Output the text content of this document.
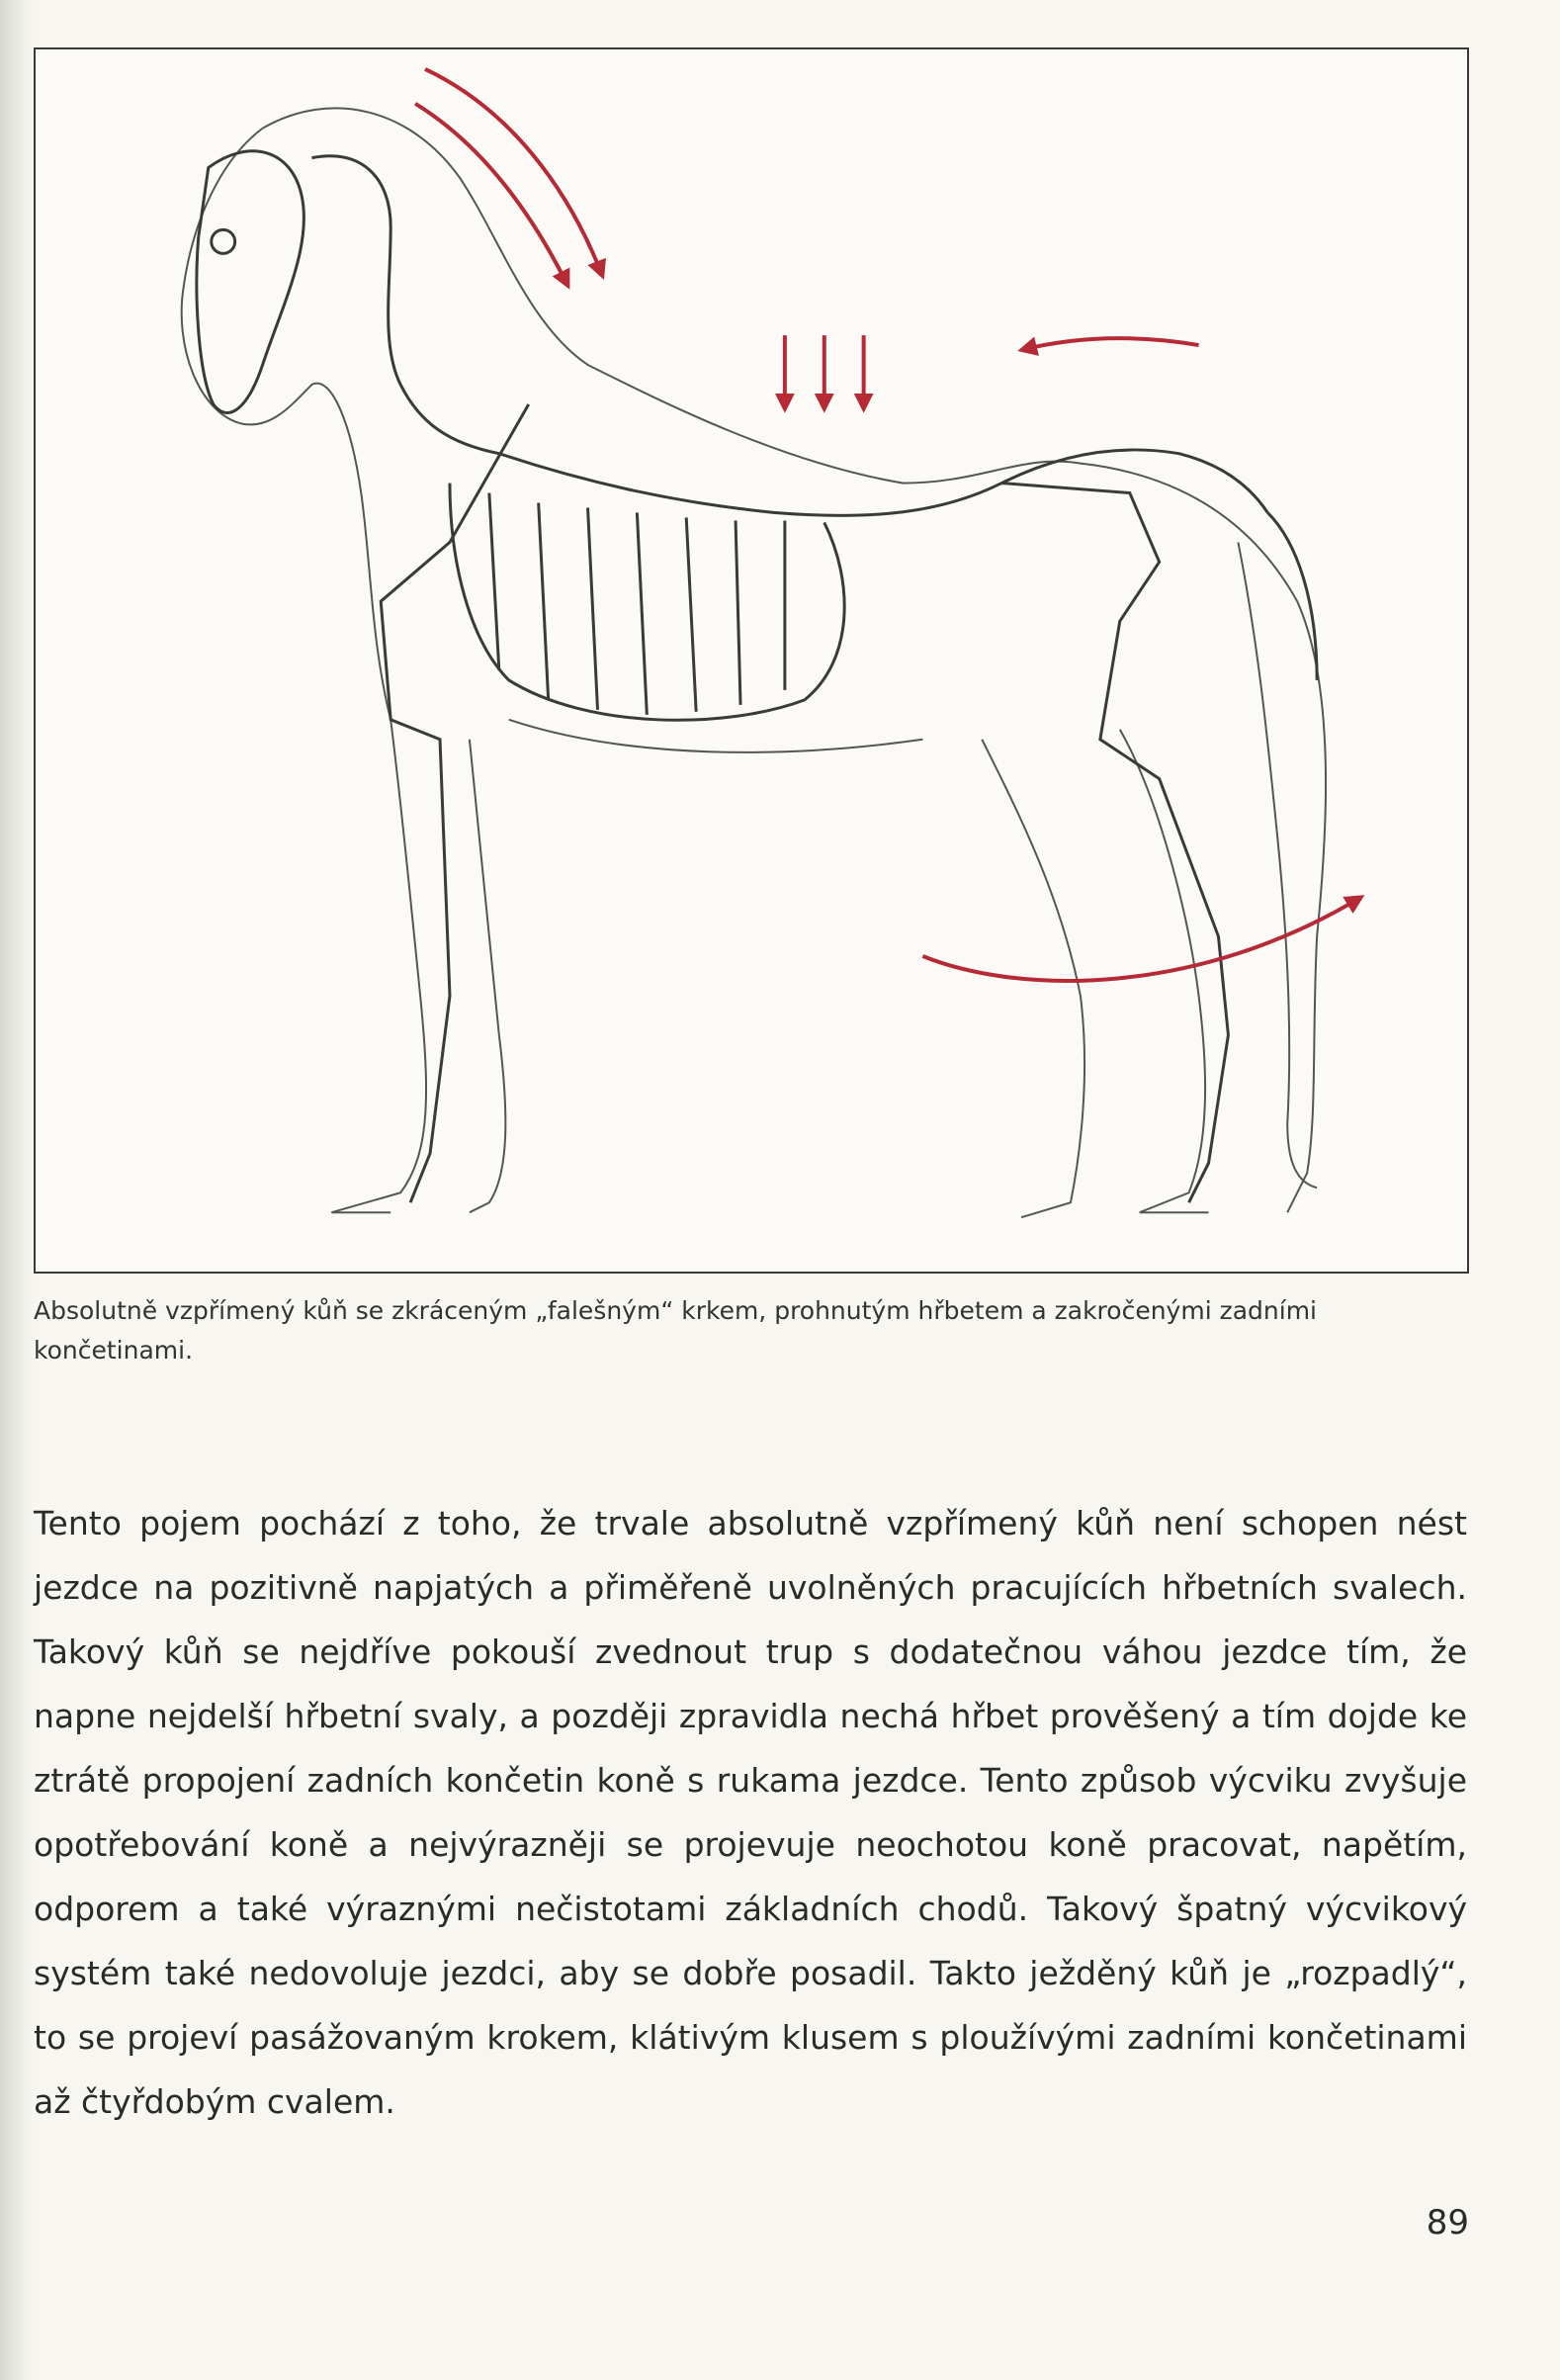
Absolutně vzpřímený kůň se zkráceným „falešným“ krkem, prohnutým hřbetem a zakročenými zadními končetinami.

Tento pojem pochází z toho, že trvale absolutně vzpřímený kůň není schopen nést jezdce na pozitivně napjatých a přiměřeně uvolněných pracujících hřbetních svalech. Takový kůň se nejdříve pokouší zvednout trup s dodatečnou váhou jezdce tím, že napne nejdelší hřbetní svaly, a později zpravidla nechá hřbet prověšený a tím dojde ke ztrátě propojení zadních končetin koně s rukama jezdce. Tento způsob výcviku zvyšuje opotřebování koně a nejvýrazněji se projevuje neochotou koně pracovat, napětím, odporem a také výraznými nečistotami základních chodů. Takový špatný výcvikový systém také nedovoluje jezdci, aby se dobře posadil. Takto ježděný kůň je „rozpadlý“, to se projeví pasážovaným krokem, klátivým klusem s ploužívými zadními končetinami až čtyřdobým cvalem.

89
